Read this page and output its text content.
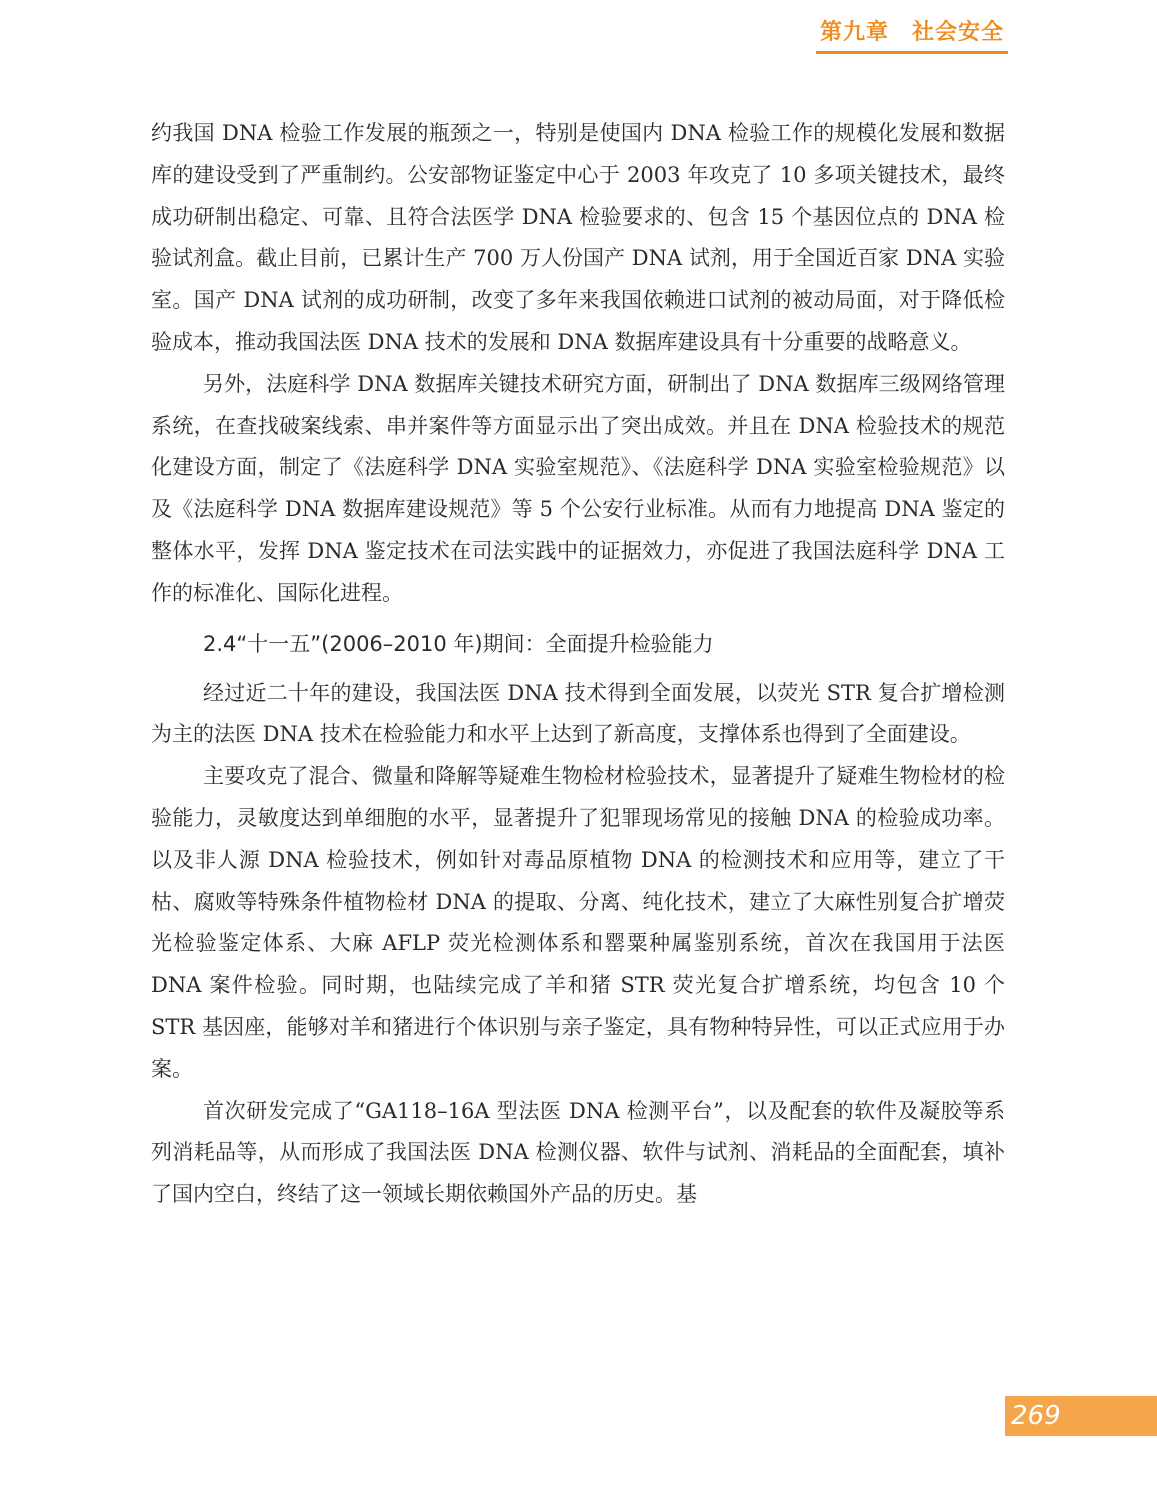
第九章　社会安全

约我国 DNA 检验工作发展的瓶颈之一，特别是使国内 DNA 检验工作的规模化发展和数据库的建设受到了严重制约。公安部物证鉴定中心于 2003 年攻克了 10 多项关键技术，最终成功研制出稳定、可靠、且符合法医学 DNA 检验要求的、包含 15 个基因位点的 DNA 检验试剂盒。截止目前，已累计生产 700 万人份国产 DNA 试剂，用于全国近百家 DNA 实验室。国产 DNA 试剂的成功研制，改变了多年来我国依赖进口试剂的被动局面，对于降低检验成本，推动我国法医 DNA 技术的发展和 DNA 数据库建设具有十分重要的战略意义。

另外，法庭科学 DNA 数据库关键技术研究方面，研制出了 DNA 数据库三级网络管理系统，在查找破案线索、串并案件等方面显示出了突出成效。并且在 DNA 检验技术的规范化建设方面，制定了《法庭科学 DNA 实验室规范》、《法庭科学 DNA 实验室检验规范》以及《法庭科学 DNA 数据库建设规范》等 5 个公安行业标准。从而有力地提高 DNA 鉴定的整体水平，发挥 DNA 鉴定技术在司法实践中的证据效力，亦促进了我国法庭科学 DNA 工作的标准化、国际化进程。

2.4“十一五”(2006–2010 年)期间：全面提升检验能力

经过近二十年的建设，我国法医 DNA 技术得到全面发展，以荧光 STR 复合扩增检测为主的法医 DNA 技术在检验能力和水平上达到了新高度，支撑体系也得到了全面建设。

主要攻克了混合、微量和降解等疑难生物检材检验技术，显著提升了疑难生物检材的检验能力，灵敏度达到单细胞的水平，显著提升了犯罪现场常见的接触 DNA 的检验成功率。以及非人源 DNA 检验技术，例如针对毒品原植物 DNA 的检测技术和应用等，建立了干枯、腐败等特殊条件植物检材 DNA 的提取、分离、纯化技术，建立了大麻性别复合扩增荧光检验鉴定体系、大麻 AFLP 荧光检测体系和罂粟种属鉴别系统，首次在我国用于法医 DNA 案件检验。同时期，也陆续完成了羊和猪 STR 荧光复合扩增系统，均包含 10 个 STR 基因座，能够对羊和猪进行个体识别与亲子鉴定，具有物种特异性，可以正式应用于办案。

首次研发完成了“GA118–16A 型法医 DNA 检测平台”，以及配套的软件及凝胶等系列消耗品等，从而形成了我国法医 DNA 检测仪器、软件与试剂、消耗品的全面配套，填补了国内空白，终结了这一领域长期依赖国外产品的历史。基

269
